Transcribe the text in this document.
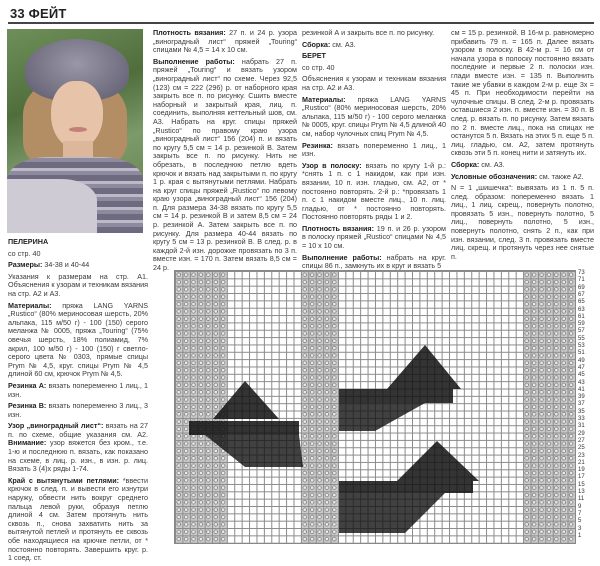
33 ФЕЙТ

ПЕЛЕРИНА

со стр. 40

Размеры: 34-38 и 40-44

Указания к размерам на стр. А1. Объяснения к узорам и техникам вязания на стр. А2 и А3.

Материалы: пряжа LANG YARNS „Rustico“ (80% мериносовая шерсть, 20% альпака, 115 м/50 г) - 100 (150) серого меланжа № 0005, пряжа „Touring“ (75% овечья шерсть, 18% полиамид, 7% акрил, 100 м/50 г) - 100 (150) г светло-серого цвета № 0303, прямые спицы Prym № 4,5, круг. спицы Prym № 4,5 длиной 60 см, крючок Prym № 4,5.

Резинка А: вязать попеременно 1 лиц., 1 изн.

Резинка В: вязать попеременно 3 лиц., 3 изн.

Узор „виноградный лист“: вязать на 27 п. по схеме, общие указания см. А2. Внимание: узор вяжется без кром., т.е. 1-ю и последнюю п. вязать, как показано на схеме, в лиц. р. изн., в изн. р. лиц. Вязать 3 (4)х ряды 1-74.

Край с вытянутыми петлями: *ввести крючок в след. п. и вывести его изнутри наружу, обвести нить вокруг среднего пальца левой руки, образуя петлю длиной 4 см. Затем протянуть нить сквозь п., снова захватить нить за вытянутой петлей и протянуть ее сквозь обе находящиеся на крючке петли, от * постоянно повторять. Завершить круг. р. 1 соед. ст.

Плотность вязания: 27 п. и 24 р. узора „виноградный лист“ пряжей „Touring“ спицами № 4,5 = 14 х 10 см.

Выполнение работы: набрать 27 п. пряжей „Touring“ и вязать узором „виноградный лист“ по схеме. Через 92,5 (123) см = 222 (296) р. от наборного края закрыть все п. по рисунку. Сшить вместе наборный и закрытый края, лиц. п. соединить, выполняя кеттельный шов, см. А3. Набрать на круг. спицы пряжей „Rustico“ по правому краю узора „виноградный лист“ 156 (204) п. и вязать по кругу 5,5 см = 14 р. резинкой В. Затем закрыть все п. по рисунку. Нить не обрезать, в последнюю петлю вдеть крючок и вязать над закрытыми п. по кругу 1 р. края с вытянутыми петлями. Набрать на круг спицы пряжей „Rustico“ по левому краю узора „виноградный лист“ 156 (204) п. Для размера 34-38 вязать по кругу 5,5 см = 14 р. резинкой В и затем 8,5 см = 24 р. резинкой А. Затем закрыть все п. по рисунку. Для размера 40-44 вязать по кругу 5 см = 13 р. резинкой В. В след. р. в каждой 2-й изн. дорожке провязать по 3 п. вместе изн. = 170 п. Затем вязать 8,5 см = 24 р.

резинкой А и закрыть все п. по рисунку.

Сборка: см. А3.

БЕРЕТ

со стр. 40

Объяснения к узорам и техникам вязания на стр. А2 и А3.

Материалы: пряжа LANG YARNS „Rustico“ (80% мериносовая шерсть, 20% альпака, 115 м/50 г) - 100 серого меланжа № 0005, круг. спицы Prym № 4,5 длиной 40 см, набор чулочных спиц Prym № 4,5.

Резинка: вязать попеременно 1 лиц., 1 изн.

Узор в полоску: вязать по кругу 1-й р.: *снять 1 п. с 1 накидом, как при изн. вязании, 10 п. изн. гладью, см. А2, от * постоянно повторять. 2-й р.: *провязать 1 п. с 1 накидом вместе лиц., 10 п. лиц. гладью, от * постоянно повторять. Постоянно повторять ряды 1 и 2.

Плотность вязания: 19 п. и 26 р. узором в полоску пряжей „Rustico“ спицами № 4,5 = 10 х 10 см.

Выполнение работы: набрать на круг. спицы 86 п., замкнуть их в круг и вязать 5

см = 15 р. резинкой. В 16-м р. равномерно прибавить 79 п. = 165 п. Далее вязать узором в полоску. В 42-м р. = 16 см от начала узора в полоску постоянно вязать последние и первые 2 п. полоски изн. глади вместе изн. = 135 п. Выполнить такие же убавки в каждом 2-м р. еще 3х = 45 п. При необходимости перейти на чулочные спицы. В след. 2-м р. провязать оставшиеся 2 изн. п. вместе изн. = 30 п. В след. р. вязать п. по рисунку. Затем вязать по 2 п. вместе лиц., пока на спицах не останутся 5 п. Вязать на этих 5 п. еще 5 п. лиц. гладью, см. А2, затем протянуть сквозь эти 5 п. конец нити и затянуть их.

Сборка: см. А3.

Условные обозначения: см. также А2.

N = 1 „шишечка“: вывязать из 1 п. 5 п. след. образом: попеременно вязать 1 лиц., 1 лиц. скрещ., повернуть полотно, провязать 5 изн., повернуть полотно, 5 лиц., повернуть полотно, 5 изн., повернуть полотно, снять 2 п., как при изн. вязании, след. 3 п. провязать вместе лиц. скрещ. и протянуть через нее снятые п.

73
71
69
67
65
63
61
59
57
55
53
51
49
47
45
43
41
39
37
35
33
31
29
27
25
23
21
19
17
15
13
11
9
7
5
3
1
